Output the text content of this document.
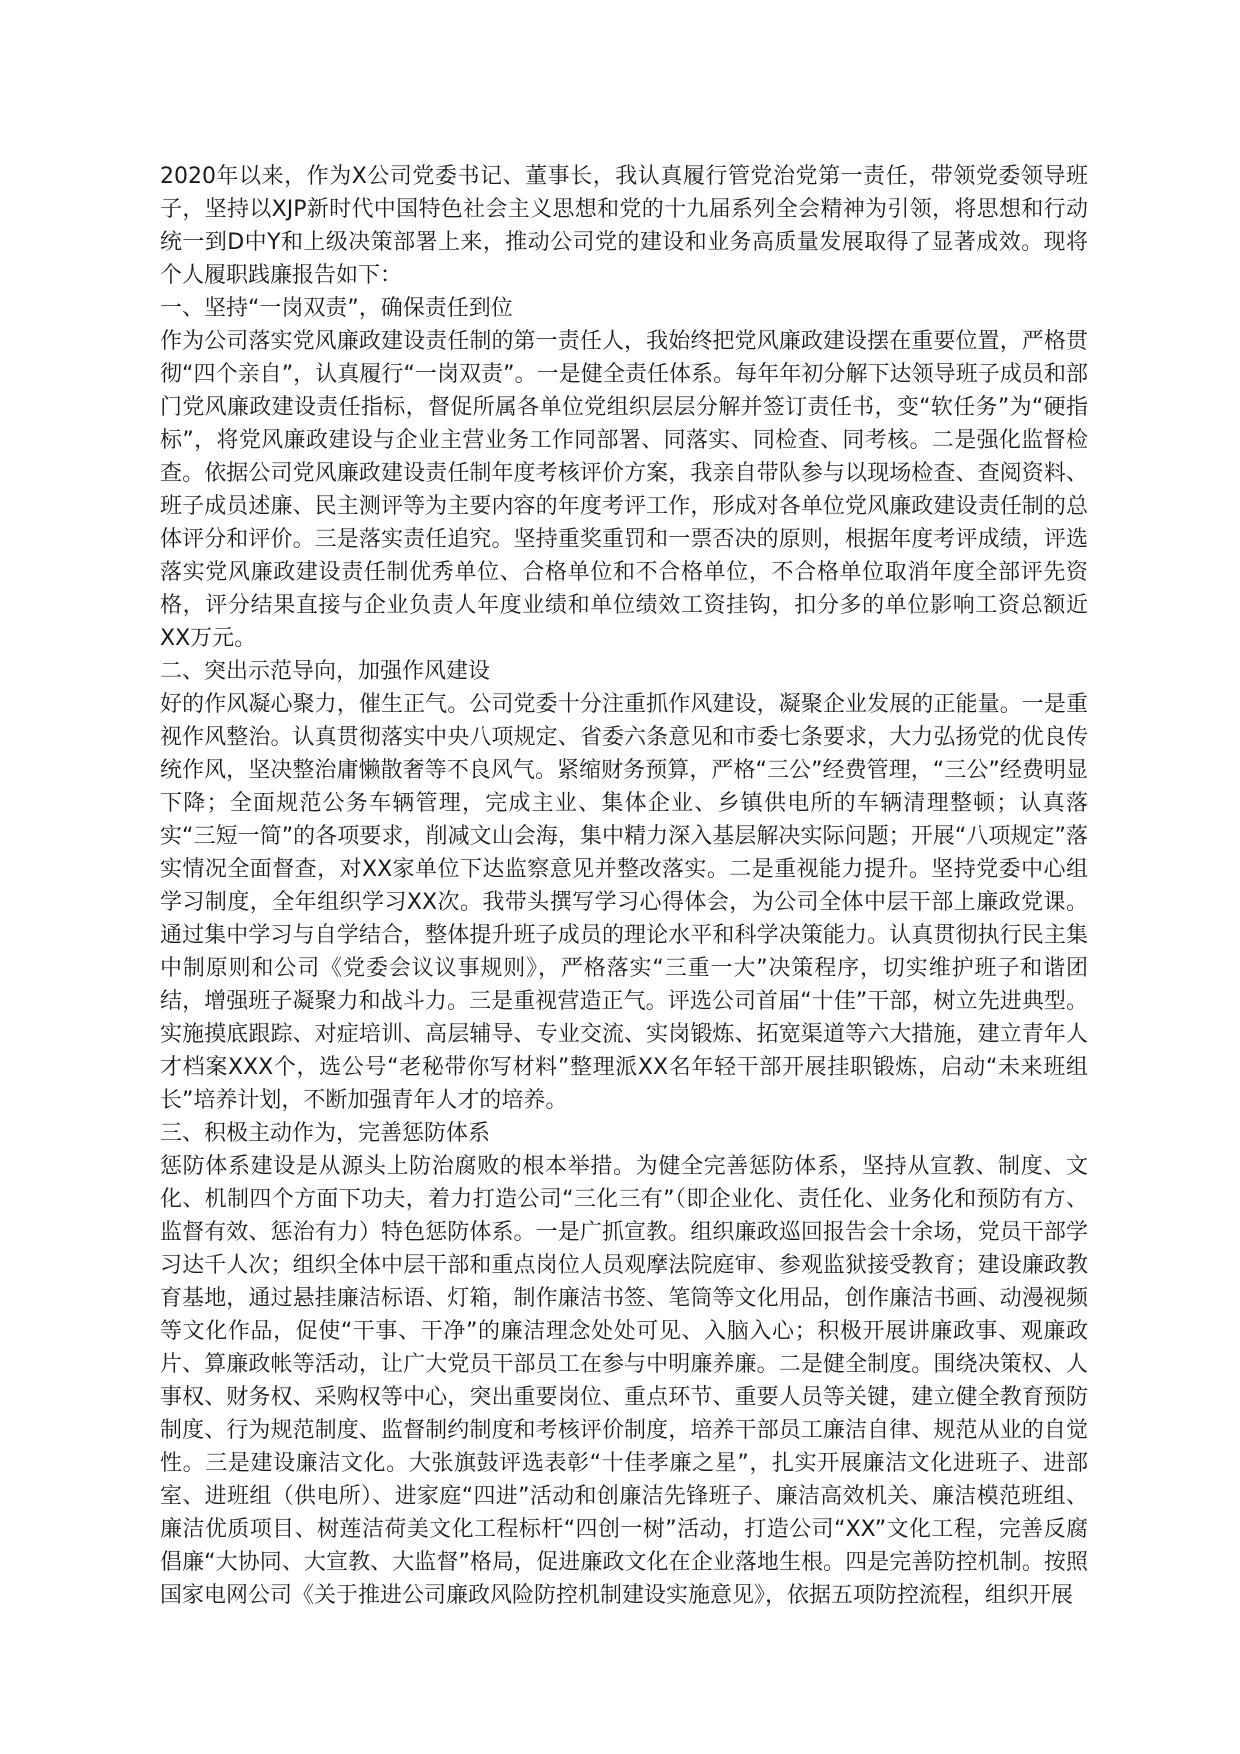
2020年以来，作为X公司党委书记、董事长，我认真履行管党治党第一责任，带领党委领导班子，坚持以XJP新时代中国特色社会主义思想和党的十九届系列全会精神为引领，将思想和行动统一到D中Y和上级决策部署上来，推动公司党的建设和业务高质量发展取得了显著成效。现将个人履职践廉报告如下：

一、坚持“一岗双责”，确保责任到位

作为公司落实党风廉政建设责任制的第一责任人，我始终把党风廉政建设摆在重要位置，严格贯彻“四个亲自”，认真履行“一岗双责”。一是健全责任体系。每年年初分解下达领导班子成员和部门党风廉政建设责任指标，督促所属各单位党组织层层分解并签订责任书，变“软任务”为“硬指标”，将党风廉政建设与企业主营业务工作同部署、同落实、同检查、同考核。二是强化监督检查。依据公司党风廉政建设责任制年度考核评价方案，我亲自带队参与以现场检查、查阅资料、班子成员述廉、民主测评等为主要内容的年度考评工作，形成对各单位党风廉政建设责任制的总体评分和评价。三是落实责任追究。坚持重奖重罚和一票否决的原则，根据年度考评成绩，评选落实党风廉政建设责任制优秀单位、合格单位和不合格单位，不合格单位取消年度全部评先资格，评分结果直接与企业负责人年度业绩和单位绩效工资挂钩，扣分多的单位影响工资总额近XX万元。

二、突出示范导向，加强作风建设

好的作风凝心聚力，催生正气。公司党委十分注重抓作风建设，凝聚企业发展的正能量。一是重视作风整治。认真贯彻落实中央八项规定、省委六条意见和市委七条要求，大力弘扬党的优良传统作风，坚决整治庸懒散奢等不良风气。紧缩财务预算，严格“三公”经费管理，“三公”经费明显下降；全面规范公务车辆管理，完成主业、集体企业、乡镇供电所的车辆清理整顿；认真落实“三短一简”的各项要求，削减文山会海，集中精力深入基层解决实际问题；开展“八项规定”落实情况全面督查，对XX家单位下达监察意见并整改落实。二是重视能力提升。坚持党委中心组学习制度，全年组织学习XX次。我带头撰写学习心得体会，为公司全体中层干部上廉政党课。通过集中学习与自学结合，整体提升班子成员的理论水平和科学决策能力。认真贯彻执行民主集中制原则和公司《党委会议议事规则》，严格落实“三重一大”决策程序，切实维护班子和谐团结，增强班子凝聚力和战斗力。三是重视营造正气。评选公司首届“十佳”干部，树立先进典型。实施摸底跟踪、对症培训、高层辅导、专业交流、实岗锻炼、拓宽渠道等六大措施，建立青年人才档案XXX个，选公号“老秘带你写材料”整理派XX名年轻干部开展挂职锻炼，启动“未来班组长”培养计划，不断加强青年人才的培养。

三、积极主动作为，完善惩防体系

惩防体系建设是从源头上防治腐败的根本举措。为健全完善惩防体系，坚持从宣教、制度、文化、机制四个方面下功夫，着力打造公司“三化三有”（即企业化、责任化、业务化和预防有方、监督有效、惩治有力）特色惩防体系。一是广抓宣教。组织廉政巡回报告会十余场，党员干部学习达千人次；组织全体中层干部和重点岗位人员观摩法院庭审、参观监狱接受教育；建设廉政教育基地，通过悬挂廉洁标语、灯箱，制作廉洁书签、笔筒等文化用品，创作廉洁书画、动漫视频等文化作品，促使“干事、干净”的廉洁理念处处可见、入脑入心；积极开展讲廉政事、观廉政片、算廉政帐等活动，让广大党员干部员工在参与中明廉养廉。二是健全制度。围绕决策权、人事权、财务权、采购权等中心，突出重要岗位、重点环节、重要人员等关键，建立健全教育预防制度、行为规范制度、监督制约制度和考核评价制度，培养干部员工廉洁自律、规范从业的自觉性。三是建设廉洁文化。大张旗鼓评选表彰“十佳孝廉之星”，扎实开展廉洁文化进班子、进部室、进班组（供电所）、进家庭“四进”活动和创廉洁先锋班子、廉洁高效机关、廉洁模范班组、廉洁优质项目、树莲洁荷美文化工程标杆“四创一树”活动，打造公司“XX”文化工程，完善反腐倡廉“大协同、大宣教、大监督”格局，促进廉政文化在企业落地生根。四是完善防控机制。按照国家电网公司《关于推进公司廉政风险防控机制建设实施意见》，依据五项防控流程，组织开展
